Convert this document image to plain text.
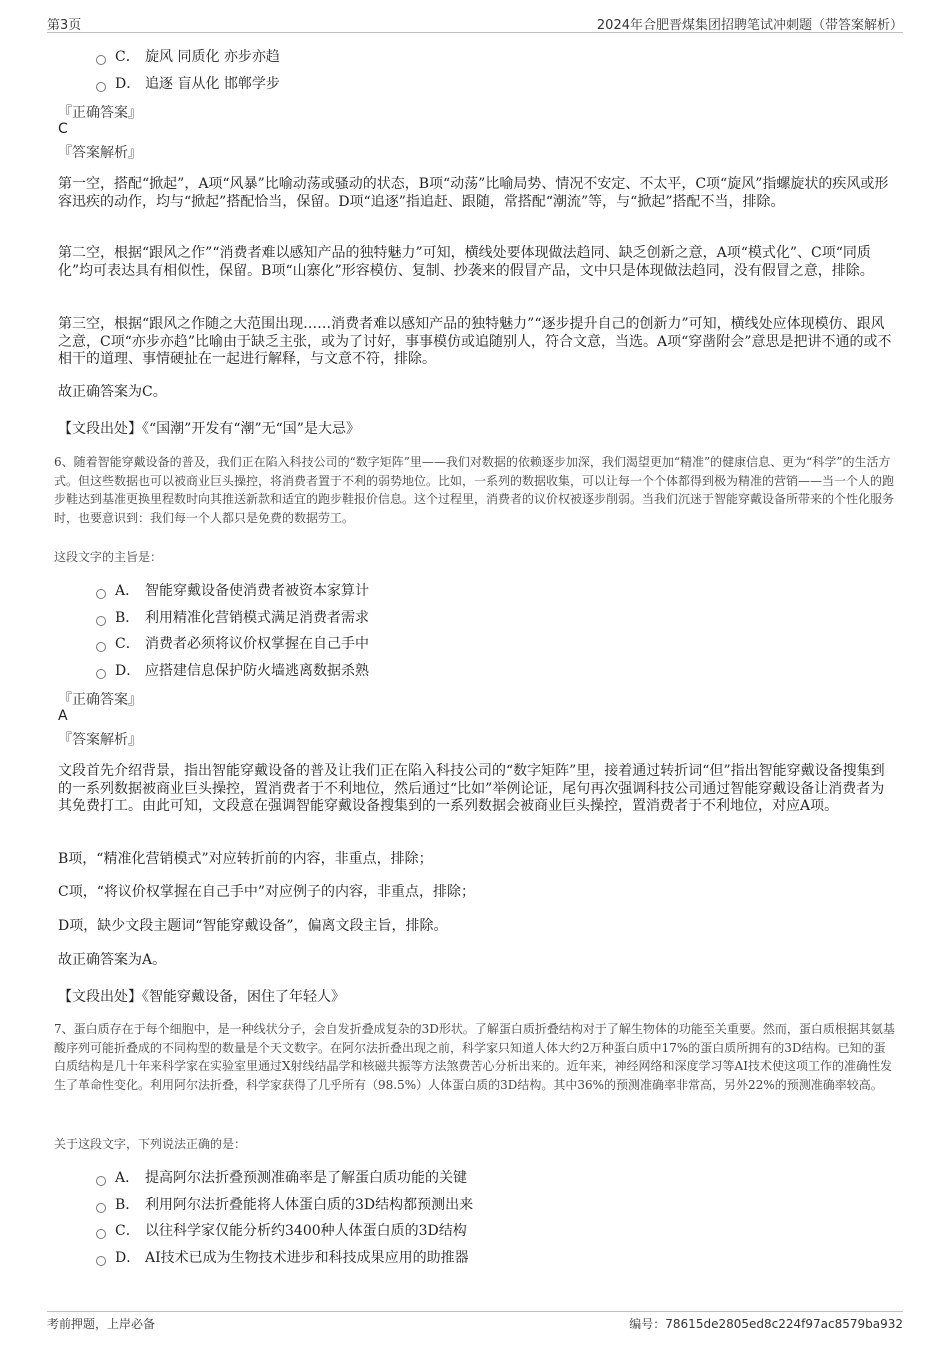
第3页	2024年合肥晋煤集团招聘笔试冲刺题（带答案解析）
C． 旋风 同质化 亦步亦趋
D． 追逐 盲从化 邯郸学步
『正确答案』
C
『答案解析』
第一空，搭配“掀起”，A项“风暴”比喻动荡或骚动的状态，B项“动荡”比喻局势、情况不安定、不太平，C项“旋风”指螺旋状的疾风或形容迅疾的动作，均与“掀起”搭配恰当，保留。D项“追逐”指追赶、跟随，常搭配“潮流”等，与“掀起”搭配不当，排除。
第二空，根据“跟风之作”“消费者难以感知产品的独特魅力”可知，横线处要体现做法趋同、缺乏创新之意，A项“模式化”、C项“同质化”均可表达具有相似性，保留。B项“山寨化”形容模仿、复制、抄袭来的假冒产品，文中只是体现做法趋同，没有假冒之意，排除。
第三空，根据“跟风之作随之大范围出现……消费者难以感知产品的独特魅力”“逐步提升自己的创新力”可知，横线处应体现模仿、跟风之意，C项“亦步亦趋”比喻由于缺乏主张，或为了讨好，事事模仿或追随别人，符合文意，当选。A项“穿凿附会”意思是把讲不通的或不相干的道理、事情硬扯在一起进行解释，与文意不符，排除。
故正确答案为C。
【文段出处】《“国潮”开发有“潮”无“国”是大忌》
6、随着智能穿戴设备的普及，我们正在陷入科技公司的“数字矩阵”里——我们对数据的依赖逐步加深，我们渴望更加“精准”的健康信息、更为“科学”的生活方式。但这些数据也可以被商业巨头操控，将消费者置于不利的弱势地位。比如，一系列的数据收集，可以让每一个个体都得到极为精准的营销——当一个人的跑步鞋达到基准更换里程数时向其推送新款和适宜的跑步鞋报价信息。这个过程里，消费者的议价权被逐步削弱。当我们沉迷于智能穿戴设备所带来的个性化服务时，也要意识到：我们每一个人都只是免费的数据劳工。
这段文字的主旨是：
A． 智能穿戴设备使消费者被资本家算计
B． 利用精准化营销模式满足消费者需求
C． 消费者必须将议价权掌握在自己手中
D． 应搭建信息保护防火墙逃离数据杀熟
『正确答案』
A
『答案解析』
文段首先介绍背景，指出智能穿戴设备的普及让我们正在陷入科技公司的“数字矩阵”里，接着通过转折词“但”指出智能穿戴设备搜集到的一系列数据被商业巨头操控，置消费者于不利地位，然后通过“比如”举例论证，尾句再次强调科技公司通过智能穿戴设备让消费者为其免费打工。由此可知，文段意在强调智能穿戴设备搜集到的一系列数据会被商业巨头操控，置消费者于不利地位，对应A项。
B项，“精准化营销模式”对应转折前的内容，非重点，排除；
C项，“将议价权掌握在自己手中”对应例子的内容，非重点，排除；
D项，缺少文段主题词“智能穿戴设备”，偏离文段主旨，排除。
故正确答案为A。
【文段出处】《智能穿戴设备，困住了年轻人》
7、蛋白质存在于每个细胞中，是一种线状分子，会自发折叠成复杂的3D形状。了解蛋白质折叠结构对于了解生物体的功能至关重要。然而，蛋白质根据其氨基酸序列可能折叠成的不同构型的数量是个天文数字。在阿尔法折叠出现之前，科学家只知道人体大约2万种蛋白质中17%的蛋白质所拥有的3D结构。已知的蛋白质结构是几十年来科学家在实验室里通过X射线结晶学和核磁共振等方法煞费苦心分析出来的。近年来，神经网络和深度学习等AI技术使这项工作的准确性发生了革命性变化。利用阿尔法折叠，科学家获得了几乎所有（98.5%）人体蛋白质的3D结构。其中36%的预测准确率非常高，另外22%的预测准确率较高。
关于这段文字，下列说法正确的是：
A． 提高阿尔法折叠预测准确率是了解蛋白质功能的关键
B． 利用阿尔法折叠能将人体蛋白质的3D结构都预测出来
C． 以往科学家仅能分析约3400种人体蛋白质的3D结构
D． AI技术已成为生物技术进步和科技成果应用的助推器
考前押题，上岸必备	编号：78615de2805ed8c224f97ac8579ba932
